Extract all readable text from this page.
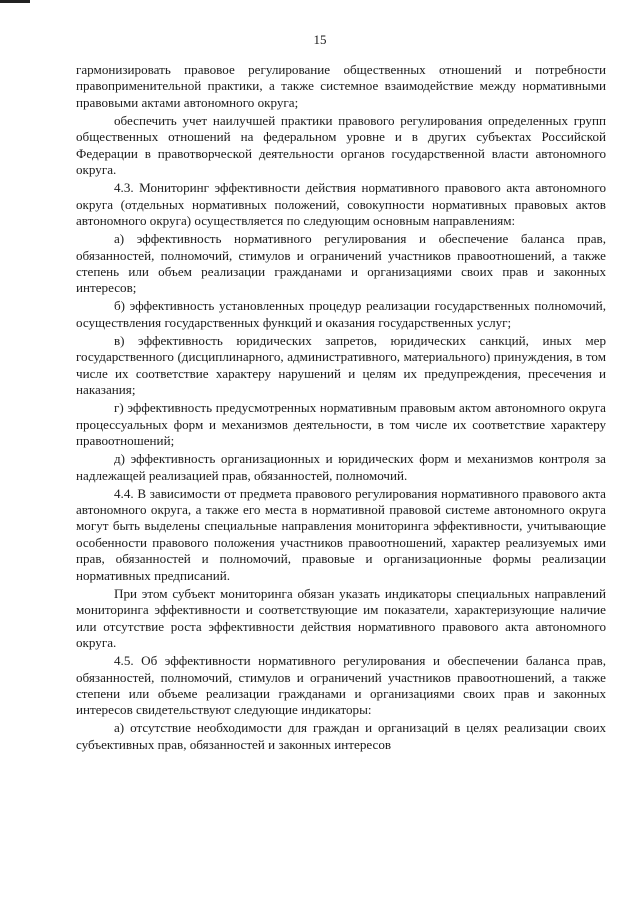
15

гармонизировать правовое регулирование общественных отношений и потребности правоприменительной практики, а также системное взаимодействие между нормативными правовыми актами автономного округа;

обеспечить учет наилучшей практики правового регулирования определенных групп общественных отношений на федеральном уровне и в других субъектах Российской Федерации в правотворческой деятельности органов государственной власти автономного округа.

4.3. Мониторинг эффективности действия нормативного правового акта автономного округа (отдельных нормативных положений, совокупности нормативных правовых актов автономного округа) осуществляется по следующим основным направлениям:

а) эффективность нормативного регулирования и обеспечение баланса прав, обязанностей, полномочий, стимулов и ограничений участников правоотношений, а также степень или объем реализации гражданами и организациями своих прав и законных интересов;

б) эффективность установленных процедур реализации государственных полномочий, осуществления государственных функций и оказания государственных услуг;

в) эффективность юридических запретов, юридических санкций, иных мер государственного (дисциплинарного, административного, материального) принуждения, в том числе их соответствие характеру нарушений и целям их предупреждения, пресечения и наказания;

г) эффективность предусмотренных нормативным правовым актом автономного округа процессуальных форм и механизмов деятельности, в том числе их соответствие характеру правоотношений;

д) эффективность организационных и юридических форм и механизмов контроля за надлежащей реализацией прав, обязанностей, полномочий.

4.4. В зависимости от предмета правового регулирования нормативного правового акта автономного округа, а также его места в нормативной правовой системе автономного округа могут быть выделены специальные направления мониторинга эффективности, учитывающие особенности правового положения участников правоотношений, характер реализуемых ими прав, обязанностей и полномочий, правовые и организационные формы реализации нормативных предписаний.

При этом субъект мониторинга обязан указать индикаторы специальных направлений мониторинга эффективности и соответствующие им показатели, характеризующие наличие или отсутствие роста эффективности действия нормативного правового акта автономного округа.

4.5. Об эффективности нормативного регулирования и обеспечении баланса прав, обязанностей, полномочий, стимулов и ограничений участников правоотношений, а также степени или объеме реализации гражданами и организациями своих прав и законных интересов свидетельствуют следующие индикаторы:

а) отсутствие необходимости для граждан и организаций в целях реализации своих субъективных прав, обязанностей и законных интересов
